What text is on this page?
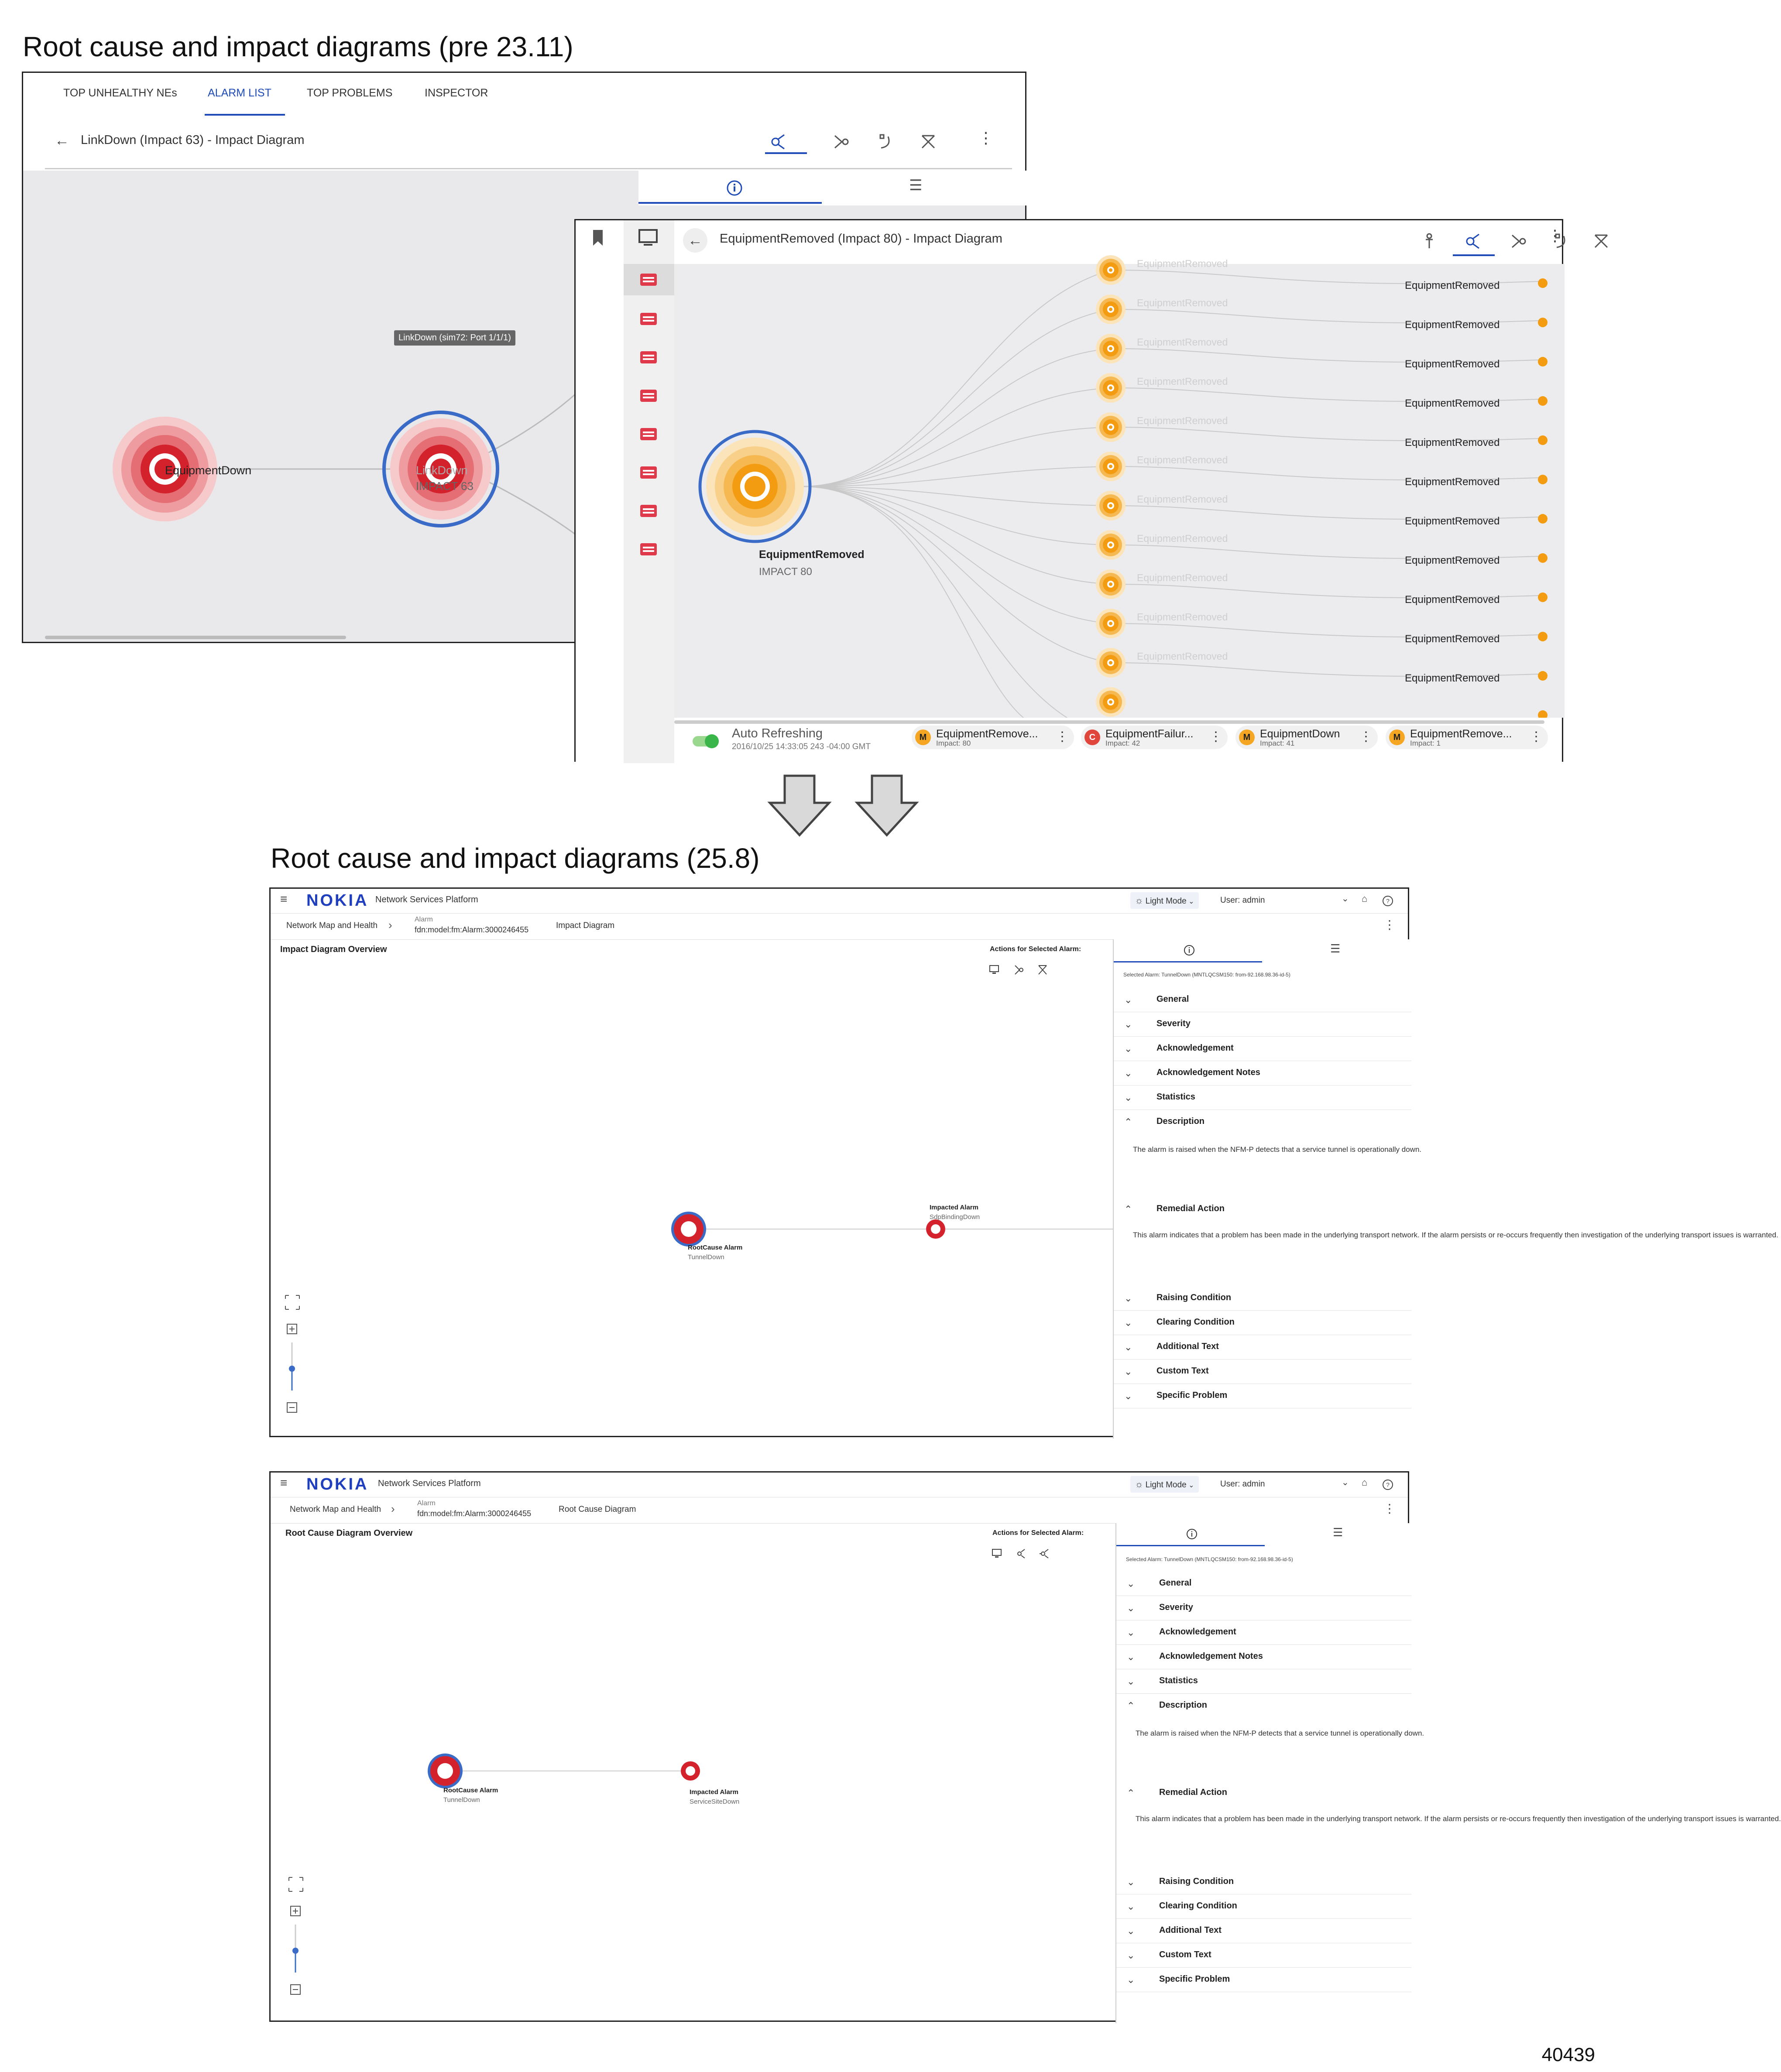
Root cause and impact diagrams (pre 23.11)
Root cause and impact diagrams (25.8)
40439
TOP UNHEALTHY NEs	ALARM LIST	TOP PROBLEMS	INSPECTOR
← LinkDown (Impact 63) - Impact Diagram	⋮
☰
LinkDown (sim72: Port 1/1/1)
EquipmentDown	LinkDown
IMPACT 63
←	EquipmentRemoved (Impact 80) - Impact Diagram	⋮
EquipmentRemoved
IMPACT 80
EquipmentRemoved
EquipmentRemoved
EquipmentRemoved
EquipmentRemoved
EquipmentRemoved
EquipmentRemoved
EquipmentRemoved
EquipmentRemoved
EquipmentRemoved
EquipmentRemoved
EquipmentRemoved
EquipmentRemoved
EquipmentRemoved
EquipmentRemoved
EquipmentRemoved
EquipmentRemoved
EquipmentRemoved
EquipmentRemoved
EquipmentRemoved
EquipmentRemoved
EquipmentRemoved
EquipmentRemoved
Auto Refreshing
2016/10/25 14:33:05 243 -04:00 GMT
M EquipmentRemove...
Impact: 80	⋮	C EquipmentFailur...
Impact: 42	⋮	M EquipmentDown
Impact: 41	⋮	M EquipmentRemove...
Impact: 1	⋮
≡ NOKIA Network Services Platform	☼ Light Mode ⌄	User: admin	⌄ ⌂	?
Network Map and Health ›	Alarm
fdn:model:fm:Alarm:3000246455	Impact Diagram	⋮
Impact Diagram Overview	Actions for Selected Alarm:
RootCause Alarm
TunnelDown
Impacted Alarm
SdpBindingDown
☰
Selected Alarm: TunnelDown (MNTLQCSM150: from-92.168.98.36-id-5)
⌄	General
⌄	Severity
⌄	Acknowledgement
⌄	Acknowledgement Notes
⌄	Statistics
⌃	Description
The alarm is raised when the NFM-P detects that a service tunnel is operationally down.
⌃	Remedial Action
This alarm indicates that a problem has been made in the underlying transport network. If the alarm persists or re-occurs frequently then investigation of the underlying transport issues is warranted.
⌄	Raising Condition
⌄	Clearing Condition
⌄	Additional Text
⌄	Custom Text
⌄	Specific Problem
≡ NOKIA Network Services Platform	☼ Light Mode ⌄	User: admin	⌄ ⌂	?
Network Map and Health ›	Alarm
fdn:model:fm:Alarm:3000246455	Root Cause Diagram	⋮
Root Cause Diagram Overview	Actions for Selected Alarm:
RootCause Alarm
TunnelDown
Impacted Alarm
ServiceSiteDown
☰
Selected Alarm: TunnelDown (MNTLQCSM150: from-92.168.98.36-id-5)
⌄	General
⌄	Severity
⌄	Acknowledgement
⌄	Acknowledgement Notes
⌄	Statistics
⌃	Description
The alarm is raised when the NFM-P detects that a service tunnel is operationally down.
⌃	Remedial Action
This alarm indicates that a problem has been made in the underlying transport network. If the alarm persists or re-occurs frequently then investigation of the underlying transport issues is warranted.
⌄	Raising Condition
⌄	Clearing Condition
⌄	Additional Text
⌄	Custom Text
⌄	Specific Problem
